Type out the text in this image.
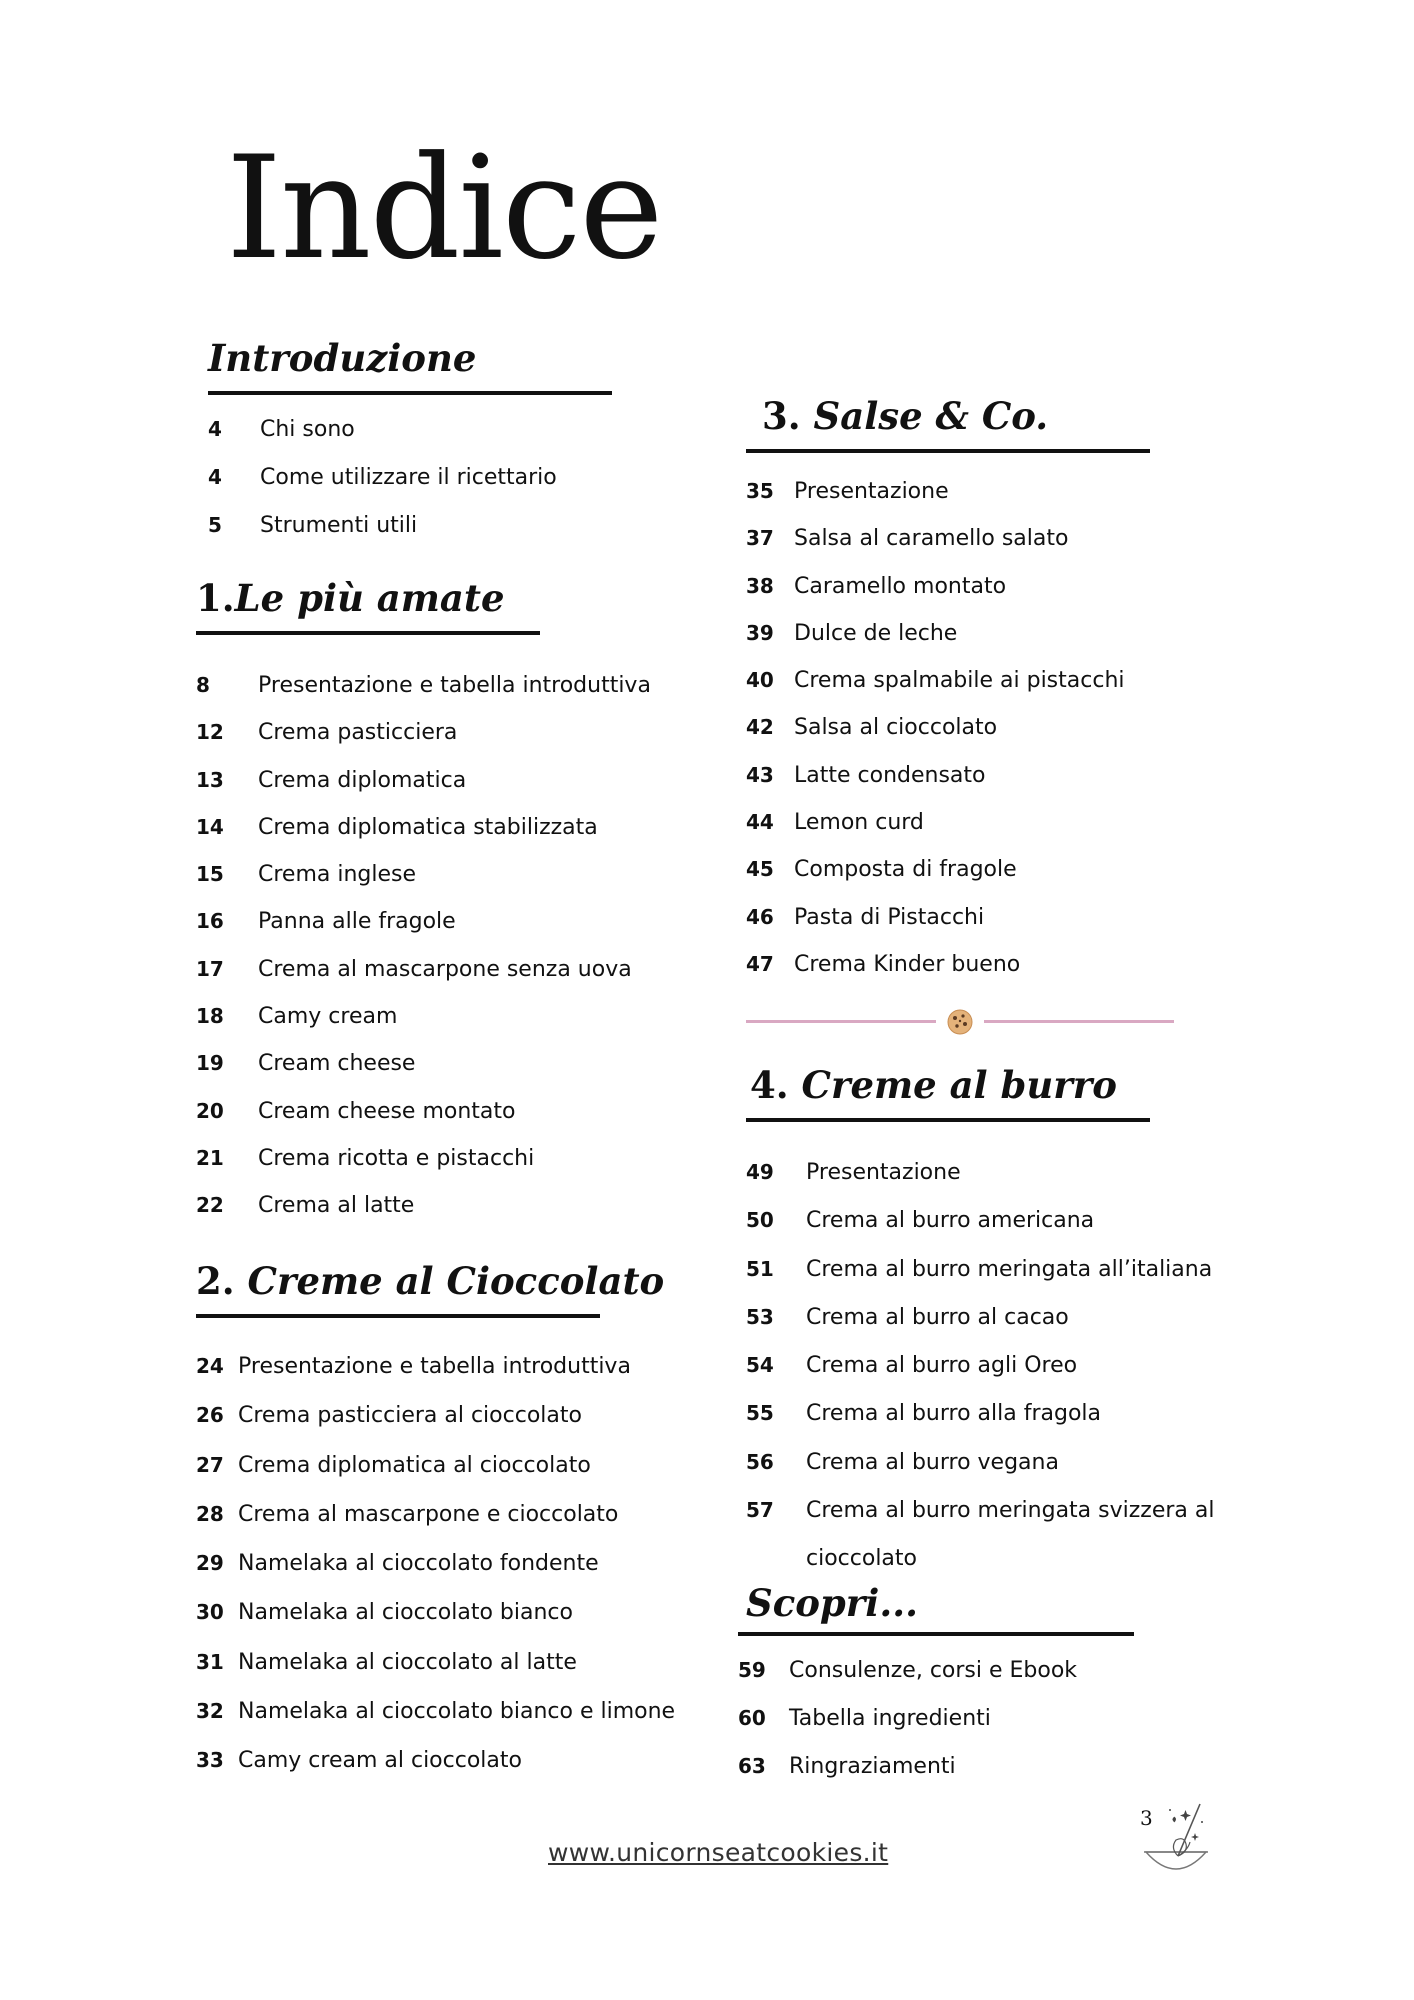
Indice
Introduzione
4	Chi sono
4	Come utilizzare il ricettario
5	Strumenti utili
1.Le più amate
8	Presentazione e tabella introduttiva
12	Crema pasticciera
13	Crema diplomatica
14	Crema diplomatica stabilizzata
15	Crema inglese
16	Panna alle fragole
17	Crema al mascarpone senza uova
18	Camy cream
19	Cream cheese
20	Cream cheese montato
21	Crema ricotta e pistacchi
22	Crema al latte
2. Creme al Cioccolato
24 Presentazione e tabella introduttiva
26 Crema pasticciera al cioccolato
27 Crema diplomatica al cioccolato
28 Crema al mascarpone e cioccolato
29 Namelaka al cioccolato fondente
30 Namelaka al cioccolato bianco
31 Namelaka al cioccolato al latte
32 Namelaka al cioccolato bianco e limone
33 Camy cream al cioccolato
3. Salse & Co.
35 Presentazione
37 Salsa al caramello salato
38 Caramello montato
39 Dulce de leche
40 Crema spalmabile ai pistacchi
42 Salsa al cioccolato
43 Latte condensato
44 Lemon curd
45 Composta di fragole
46 Pasta di Pistacchi
47 Crema Kinder bueno
4. Creme al burro
49	Presentazione
50	Crema al burro americana
51	Crema al burro meringata all’italiana
53	Crema al burro al cacao
54	Crema al burro agli Oreo
55	Crema al burro alla fragola
56	Crema al burro vegana
57	Crema al burro meringata svizzera al
cioccolato
Scopri...
59	Consulenze, corsi e Ebook
60	Tabella ingredienti
63	Ringraziamenti
www.unicornseatcookies.it
3
